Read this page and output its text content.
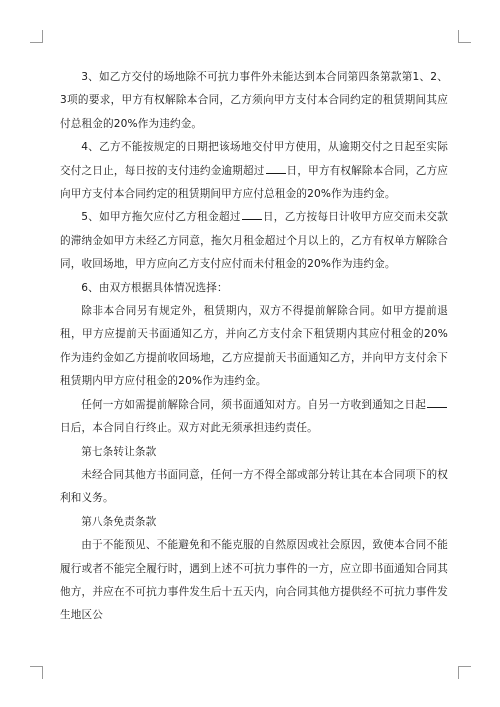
3、如乙方交付的场地除不可抗力事件外未能达到本合同第四条第款第1、2、3项的要求，甲方有权解除本合同，乙方须向甲方支付本合同约定的租赁期间其应付总租金的20%作为违约金。

4、乙方不能按规定的日期把该场地交付甲方使用，从逾期交付之日起至实际交付之日止，每日按的支付违约金逾期超过 日，甲方有权解除本合同，乙方应向甲方支付本合同约定的租赁期间甲方应付总租金的20%作为违约金。

5、如甲方拖欠应付乙方租金超过 日，乙方按每日计收甲方应交而未交款的滞纳金如甲方未经乙方同意，拖欠月租金超过个月以上的，乙方有权单方解除合同，收回场地，甲方应向乙方支付应付而未付租金的20%作为违约金。

6、由双方根据具体情况选择：

除非本合同另有规定外，租赁期内，双方不得提前解除合同。如甲方提前退租，甲方应提前天书面通知乙方，并向乙方支付余下租赁期内其应付租金的20%作为违约金如乙方提前收回场地，乙方应提前天书面通知乙方，并向甲方支付余下租赁期内甲方应付租金的20%作为违约金。

任何一方如需提前解除合同，须书面通知对方。自另一方收到通知之日起日后，本合同自行终止。双方对此无须承担违约责任。

第七条转让条款

未经合同其他方书面同意，任何一方不得全部或部分转让其在本合同项下的权利和义务。

第八条免责条款

由于不能预见、不能避免和不能克服的自然原因或社会原因，致使本合同不能履行或者不能完全履行时，遇到上述不可抗力事件的一方，应立即书面通知合同其他方，并应在不可抗力事件发生后十五天内，向合同其他方提供经不可抗力事件发生地区公
